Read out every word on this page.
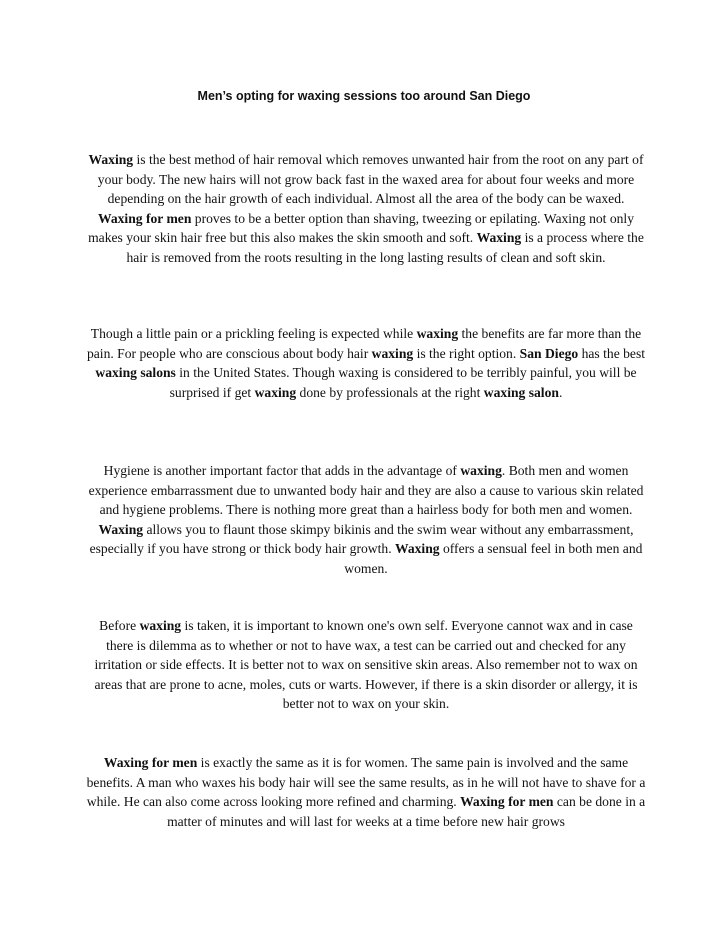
Men’s opting for waxing sessions too around San Diego

Waxing is the best method of hair removal which removes unwanted hair from the root on any part of your body. The new hairs will not grow back fast in the waxed area for about four weeks and more depending on the hair growth of each individual. Almost all the area of the body can be waxed. Waxing for men proves to be a better option than shaving, tweezing or epilating. Waxing not only makes your skin hair free but this also makes the skin smooth and soft. Waxing is a process where the hair is removed from the roots resulting in the long lasting results of clean and soft skin.

Though a little pain or a prickling feeling is expected while waxing the benefits are far more than the pain. For people who are conscious about body hair waxing is the right option. San Diego has the best waxing salons in the United States. Though waxing is considered to be terribly painful, you will be surprised if get waxing done by professionals at the right waxing salon.

Hygiene is another important factor that adds in the advantage of waxing. Both men and women experience embarrassment due to unwanted body hair and they are also a cause to various skin related and hygiene problems. There is nothing more great than a hairless body for both men and women. Waxing allows you to flaunt those skimpy bikinis and the swim wear without any embarrassment, especially if you have strong or thick body hair growth. Waxing offers a sensual feel in both men and women.

Before waxing is taken, it is important to known one's own self. Everyone cannot wax and in case there is dilemma as to whether or not to have wax, a test can be carried out and checked for any irritation or side effects. It is better not to wax on sensitive skin areas. Also remember not to wax on areas that are prone to acne, moles, cuts or warts. However, if there is a skin disorder or allergy, it is better not to wax on your skin.

Waxing for men is exactly the same as it is for women. The same pain is involved and the same benefits. A man who waxes his body hair will see the same results, as in he will not have to shave for a while. He can also come across looking more refined and charming. Waxing for men can be done in a matter of minutes and will last for weeks at a time before new hair grows
